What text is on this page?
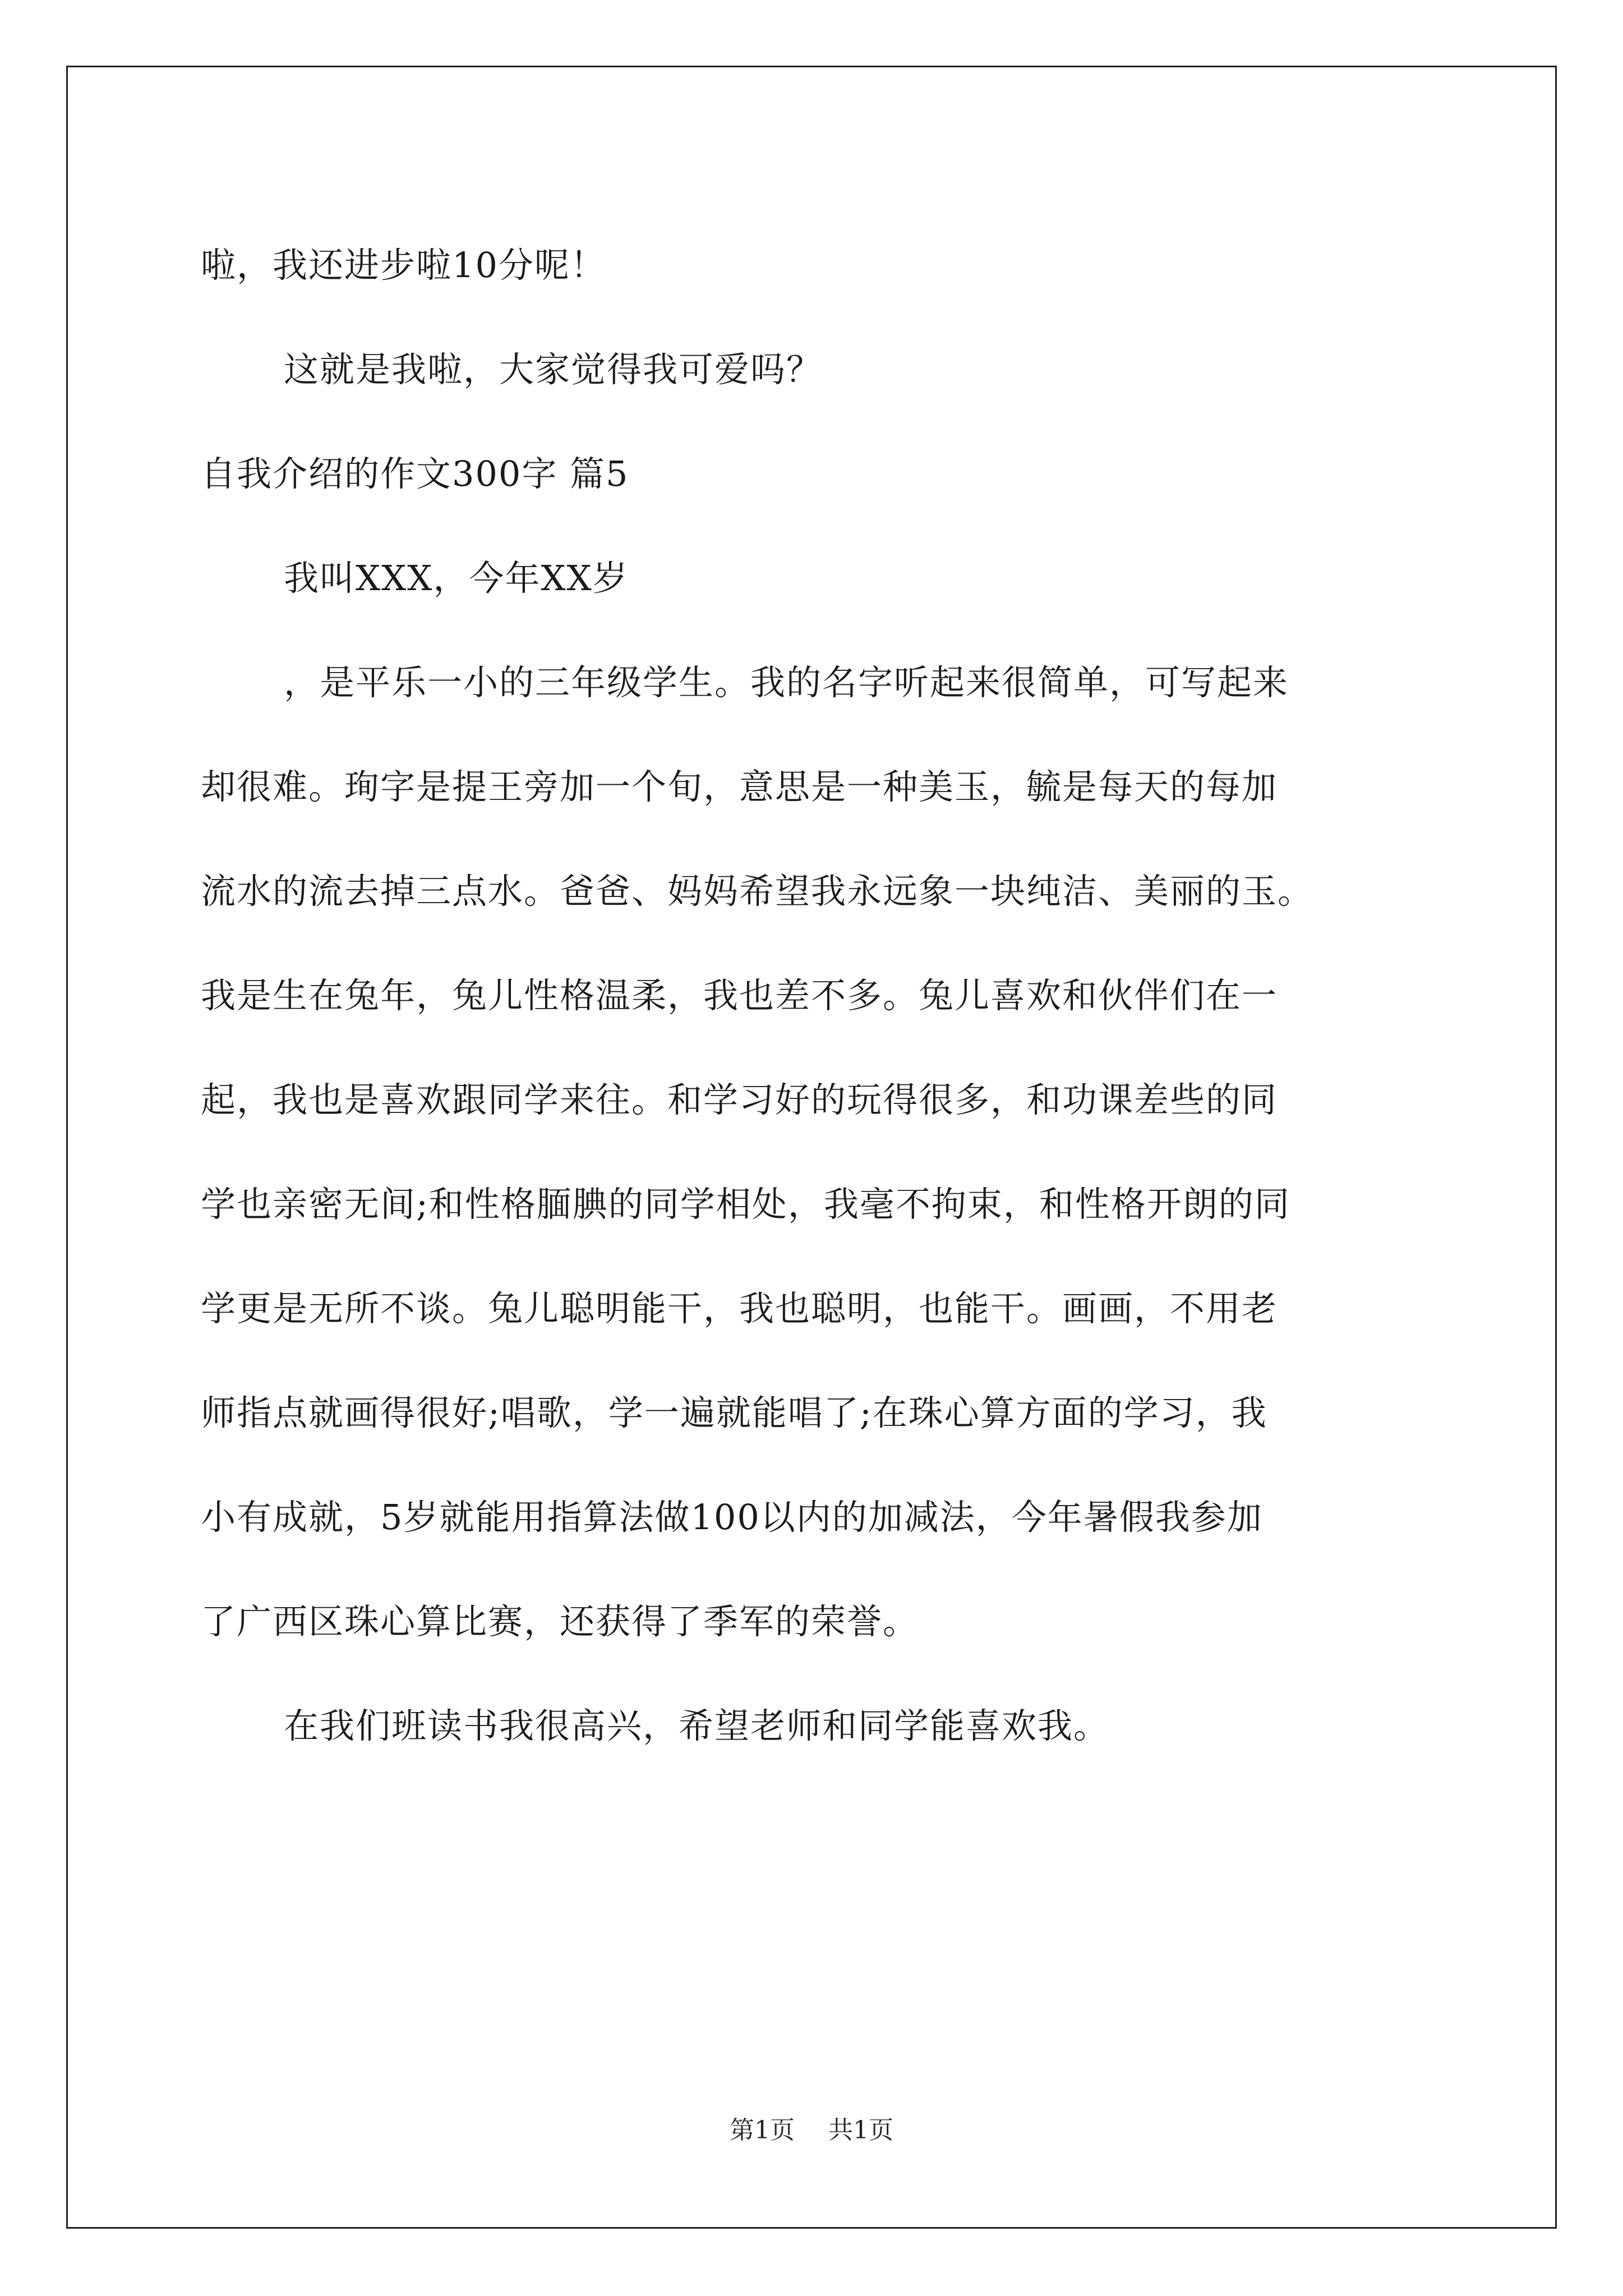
啦，我还进步啦10分呢！
这就是我啦，大家觉得我可爱吗？
自我介绍的作文300字 篇5
我叫XXX，今年XX岁
，是平乐一小的三年级学生。我的名字听起来很简单，可写起来
却很难。珣字是提王旁加一个旬，意思是一种美玉，毓是每天的每加
流水的流去掉三点水。爸爸、妈妈希望我永远象一块纯洁、美丽的玉。
我是生在兔年，兔儿性格温柔，我也差不多。兔儿喜欢和伙伴们在一
起，我也是喜欢跟同学来往。和学习好的玩得很多，和功课差些的同
学也亲密无间;和性格腼腆的同学相处，我毫不拘束，和性格开朗的同
学更是无所不谈。兔儿聪明能干，我也聪明，也能干。画画，不用老
师指点就画得很好;唱歌，学一遍就能唱了;在珠心算方面的学习，我
小有成就，5岁就能用指算法做100以内的加减法，今年暑假我参加
了广西区珠心算比赛，还获得了季军的荣誉。
在我们班读书我很高兴，希望老师和同学能喜欢我。
第1页 共1页
